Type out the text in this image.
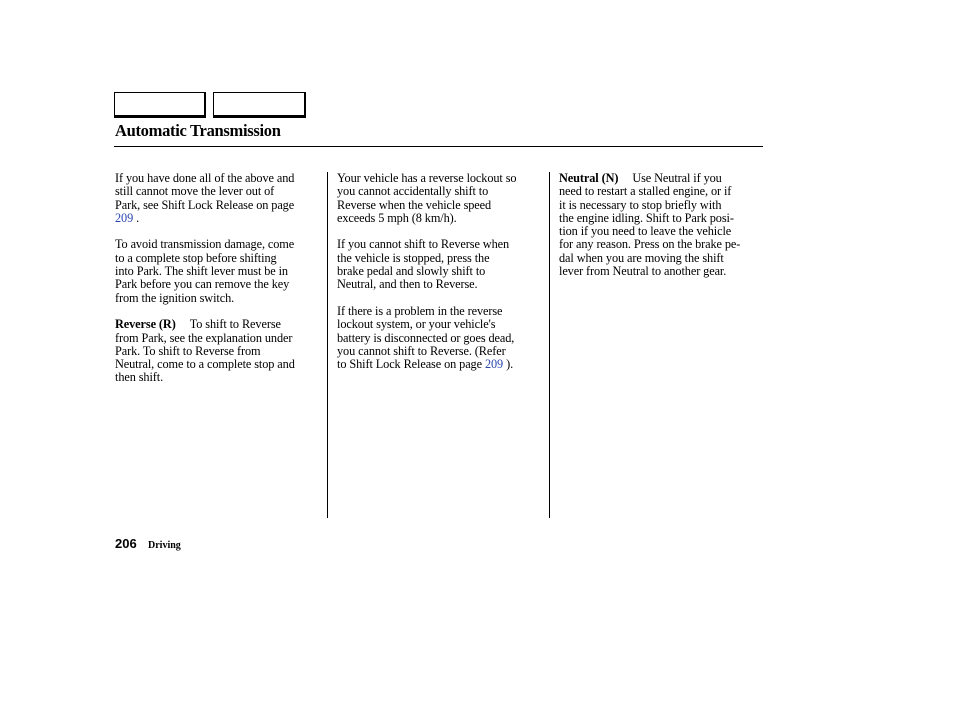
Automatic Transmission

If you have done all of the above and
still cannot move the lever out of
Park, see Shift Lock Release on page
209 .

To avoid transmission damage, come
to a complete stop before shifting
into Park. The shift lever must be in
Park before you can remove the key
from the ignition switch.

Reverse (R) To shift to Reverse
from Park, see the explanation under
Park. To shift to Reverse from
Neutral, come to a complete stop and
then shift.

Your vehicle has a reverse lockout so
you cannot accidentally shift to
Reverse when the vehicle speed
exceeds 5 mph (8 km/h).

If you cannot shift to Reverse when
the vehicle is stopped, press the
brake pedal and slowly shift to
Neutral, and then to Reverse.

If there is a problem in the reverse
lockout system, or your vehicle's
battery is disconnected or goes dead,
you cannot shift to Reverse. (Refer
to Shift Lock Release on page 209 ).

Neutral (N) Use Neutral if you
need to restart a stalled engine, or if
it is necessary to stop briefly with
the engine idling. Shift to Park posi-
tion if you need to leave the vehicle
for any reason. Press on the brake pe-
dal when you are moving the shift
lever from Neutral to another gear.

206 Driving
